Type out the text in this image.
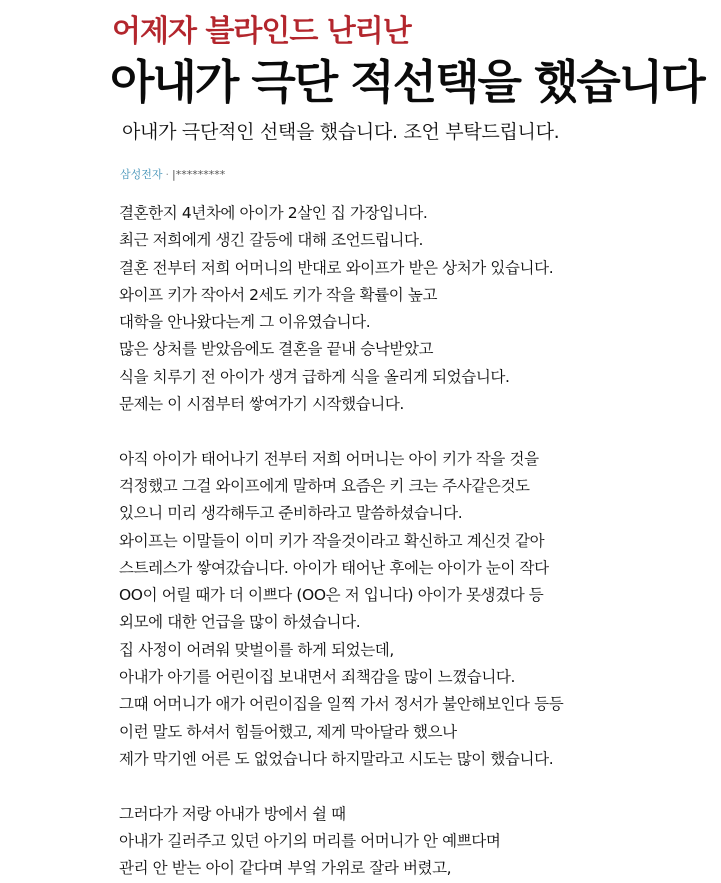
어제자 블라인드 난리난
아내가 극단 적선택을 했습니다
아내가 극단적인 선택을 했습니다. 조언 부탁드립니다.
삼성전자 · |*********
결혼한지 4년차에 아이가 2살인 집 가장입니다.
최근 저희에게 생긴 갈등에 대해 조언드립니다.
결혼 전부터 저희 어머니의 반대로 와이프가 받은 상처가 있습니다.
와이프 키가 작아서 2세도 키가 작을 확률이 높고
대학을 안나왔다는게 그 이유였습니다.
많은 상처를 받았음에도 결혼을 끝내 승낙받았고
식을 치루기 전 아이가 생겨 급하게 식을 올리게 되었습니다.
문제는 이 시점부터 쌓여가기 시작했습니다.
아직 아이가 태어나기 전부터 저희 어머니는 아이 키가 작을 것을
걱정했고 그걸 와이프에게 말하며 요즘은 키 크는 주사같은것도
있으니 미리 생각해두고 준비하라고 말씀하셨습니다.
와이프는 이말들이 이미 키가 작을것이라고 확신하고 계신것 같아
스트레스가 쌓여갔습니다. 아이가 태어난 후에는 아이가 눈이 작다
OO이 어릴 때가 더 이쁘다 (OO은 저 입니다) 아이가 못생겼다 등
외모에 대한 언급을 많이 하셨습니다.
집 사정이 어려워 맞벌이를 하게 되었는데,
아내가 아기를 어린이집 보내면서 죄책감을 많이 느꼈습니다.
그때 어머니가 애가 어린이집을 일찍 가서 정서가 불안해보인다 등등
이런 말도 하셔서 힘들어했고, 제게 막아달라 했으나
제가 막기엔 어른 도 없었습니다 하지말라고 시도는 많이 했습니다.
그러다가 저랑 아내가 방에서 쉴 때
아내가 길러주고 있던 아기의 머리를 어머니가 안 예쁘다며
관리 안 받는 아이 같다며 부엌 가위로 잘라 버렸고,
